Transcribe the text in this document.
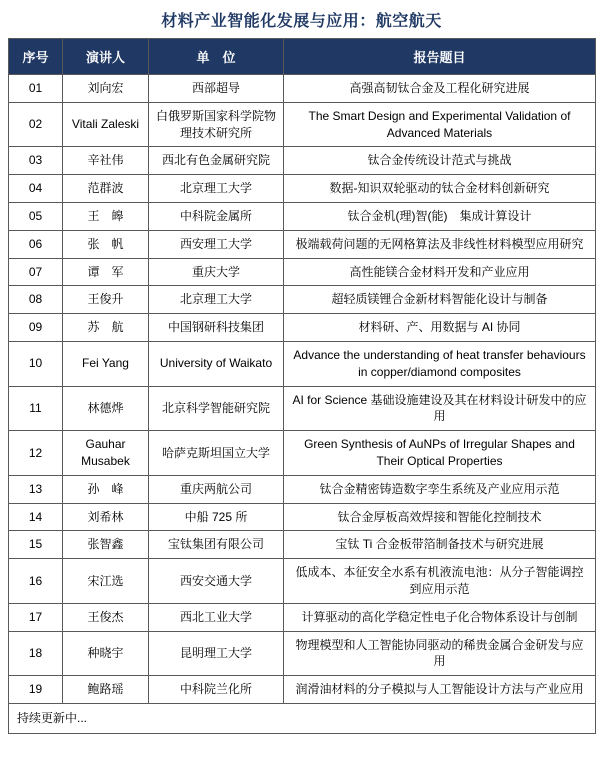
材料产业智能化发展与应用：航空航天
序号	演讲人	单　位	报告题目
01	刘向宏	西部超导	高强高韧钛合金及工程化研究进展
02	Vitali Zaleski	白俄罗斯国家科学院物理技术研究所	The Smart Design and Experimental Validation of Advanced Materials
03	辛社伟	西北有色金属研究院	钛合金传统设计范式与挑战
04	范群波	北京理工大学	数据-知识双轮驱动的钛合金材料创新研究
05	王　皞	中科院金属所	钛合金机(理)智(能)　集成计算设计
06	张　帆	西安理工大学	极端载荷问题的无网格算法及非线性材料模型应用研究
07	谭　军	重庆大学	高性能镁合金材料开发和产业应用
08	王俊升	北京理工大学	超轻质镁锂合金新材料智能化设计与制备
09	苏　航	中国钢研科技集团	材料研、产、用数据与 AI 协同
10	Fei Yang	University of Waikato	Advance the understanding of heat transfer behaviours in copper/diamond composites
11	林德烨	北京科学智能研究院	AI for Science 基础设施建设及其在材料设计研发中的应用
12	Gauhar Musabek	哈萨克斯坦国立大学	Green Synthesis of AuNPs of Irregular Shapes and Their Optical Properties
13	孙　峰	重庆两航公司	钛合金精密铸造数字孪生系统及产业应用示范
14	刘希林	中船 725 所	钛合金厚板高效焊接和智能化控制技术
15	张智鑫	宝钛集团有限公司	宝钛 Ti 合金板带箔制备技术与研究进展
16	宋江选	西安交通大学	低成本、本征安全水系有机液流电池：从分子智能调控到应用示范
17	王俊杰	西北工业大学	计算驱动的高化学稳定性电子化合物体系设计与创制
18	种晓宇	昆明理工大学	物理模型和人工智能协同驱动的稀贵金属合金研发与应用
19	鲍路瑶	中科院兰化所	润滑油材料的分子模拟与人工智能设计方法与产业应用
持续更新中...			
